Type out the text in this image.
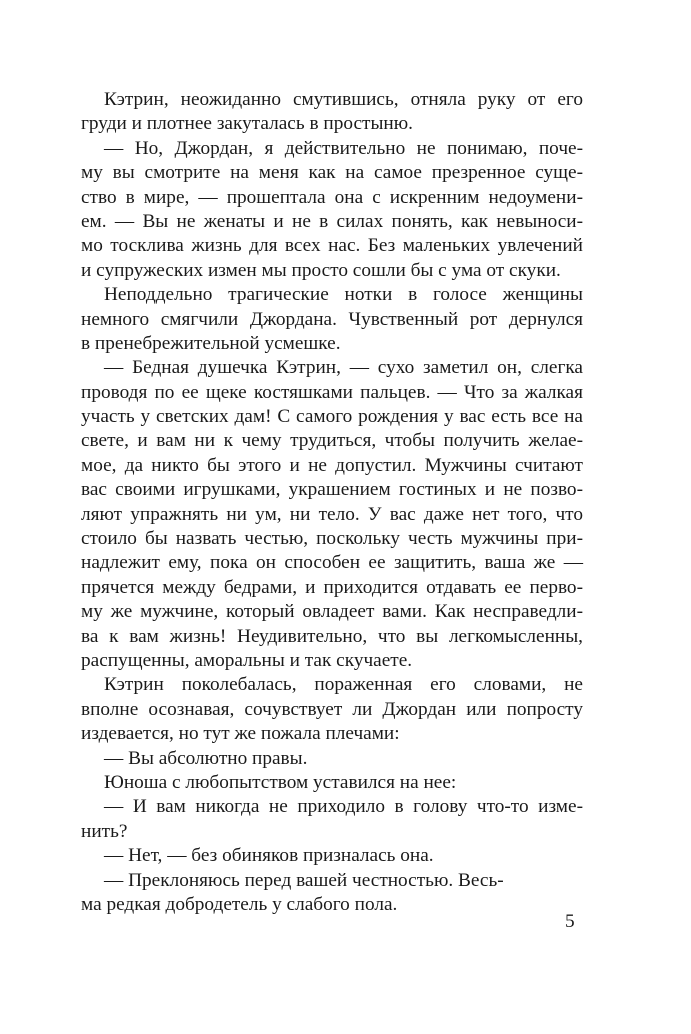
Кэтрин, неожиданно смутившись, отняла руку от его
груди и плотнее закуталась в простыню.
— Но, Джордан, я действительно не понимаю, поче-
му вы смотрите на меня как на самое презренное суще-
ство в мире, — прошептала она с искренним недоумени-
ем. — Вы не женаты и не в силах понять, как невыноси-
мо тосклива жизнь для всех нас. Без маленьких увлечений
и супружеских измен мы просто сошли бы с ума от скуки.
Неподдельно трагические нотки в голосе женщины
немного смягчили Джордана. Чувственный рот дернулся
в пренебрежительной усмешке.
— Бедная душечка Кэтрин, — сухо заметил он, слегка
проводя по ее щеке костяшками пальцев. — Что за жалкая
участь у светских дам! С самого рождения у вас есть все на
свете, и вам ни к чему трудиться, чтобы получить желае-
мое, да никто бы этого и не допустил. Мужчины считают
вас своими игрушками, украшением гостиных и не позво-
ляют упражнять ни ум, ни тело. У вас даже нет того, что
стоило бы назвать честью, поскольку честь мужчины при-
надлежит ему, пока он способен ее защитить, ваша же —
прячется между бедрами, и приходится отдавать ее перво-
му же мужчине, который овладеет вами. Как несправедли-
ва к вам жизнь! Неудивительно, что вы легкомысленны,
распущенны, аморальны и так скучаете.
Кэтрин поколебалась, пораженная его словами, не
вполне осознавая, сочувствует ли Джордан или попросту
издевается, но тут же пожала плечами:
— Вы абсолютно правы.
Юноша с любопытством уставился на нее:
— И вам никогда не приходило в голову что-то изме-
нить?
— Нет, — без обиняков призналась она.
— Преклоняюсь перед вашей честностью. Весь-
ма редкая добродетель у слабого пола.
5
